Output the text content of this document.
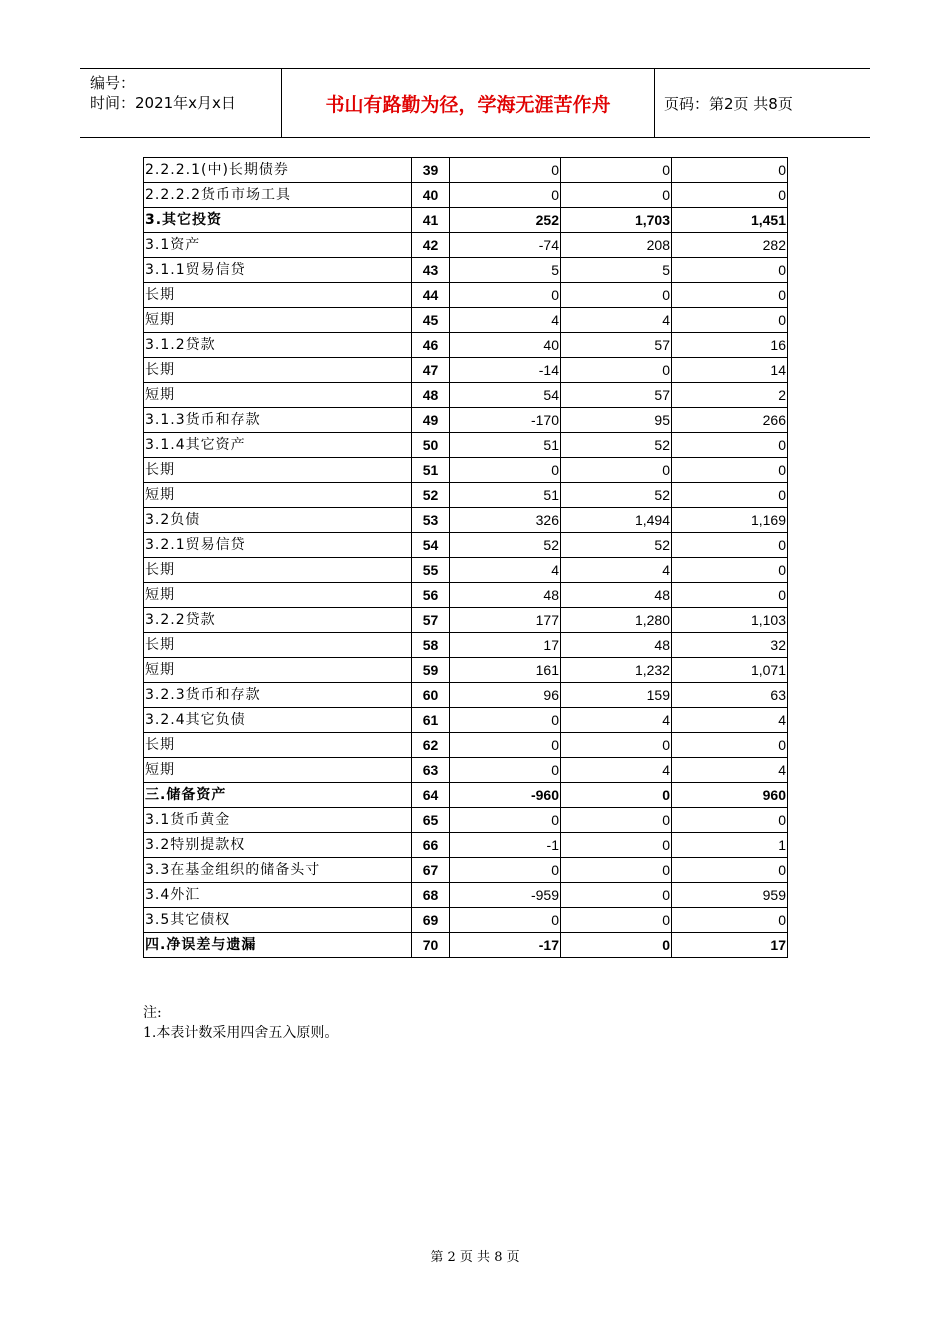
编号：
时间：2021年x月x日	书山有路勤为径，学海无涯苦作舟	页码：第2页 共8页
2.2.2.1(中)长期债券	39	0	0	0
2.2.2.2货币市场工具	40	0	0	0
3.其它投资	41	252	1,703	1,451
3.1资产	42	-74	208	282
3.1.1贸易信贷	43	5	5	0
长期	44	0	0	0
短期	45	4	4	0
3.1.2贷款	46	40	57	16
长期	47	-14	0	14
短期	48	54	57	2
3.1.3货币和存款	49	-170	95	266
3.1.4其它资产	50	51	52	0
长期	51	0	0	0
短期	52	51	52	0
3.2负债	53	326	1,494	1,169
3.2.1贸易信贷	54	52	52	0
长期	55	4	4	0
短期	56	48	48	0
3.2.2贷款	57	177	1,280	1,103
长期	58	17	48	32
短期	59	161	1,232	1,071
3.2.3货币和存款	60	96	159	63
3.2.4其它负债	61	0	4	4
长期	62	0	0	0
短期	63	0	4	4
三.储备资产	64	-960	0	960
3.1货币黄金	65	0	0	0
3.2特别提款权	66	-1	0	1
3.3在基金组织的储备头寸	67	0	0	0
3.4外汇	68	-959	0	959
3.5其它债权	69	0	0	0
四.净误差与遗漏	70	-17	0	17
注:
1.本表计数采用四舍五入原则。
第 2 页 共 8 页
